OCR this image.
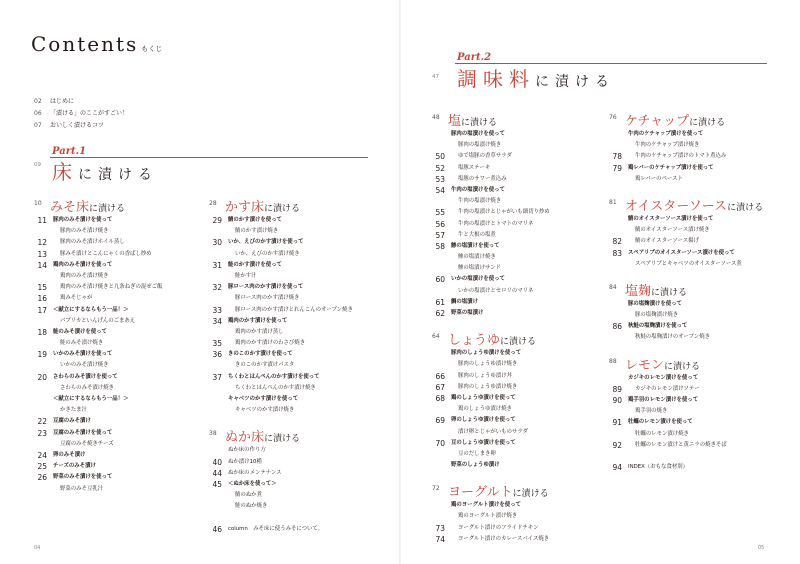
Contents もくじ
02 はじめに
06 「漬ける」のここがすごい！
07 おいしく漬けるコツ
09
Part.1
床に漬ける
47
Part.2
調味料に漬ける
10 みそ床に漬ける
11 豚肉のみそ漬けを使って
豚肉のみそ漬け焼き
12 豚肉のみそ漬けホイル蒸し
13 豚みそ漬けとこんにゃくの香ばし炒め
14 鶏肉のみそ漬けを使って
鶏肉のみそ漬け焼き
15 鶏肉のみそ漬け焼きと九条ねぎの混ぜご飯
16 鶏みそじゃが
17 ＜献立にするならもう一品！＞
パプリカといんげんのごまあえ
18 鮭のみそ漬けを使って
鮭のみそ漬け焼き
19 いかのみそ漬けを使って
いかのみそ漬け焼き
20 さわらのみそ漬けを使って
さわらのみそ漬け焼き
＜献立にするならもう一品！＞
かきたま汁
22 豆腐のみそ漬け
23 豆腐のみそ漬けを使って
豆腐のみそ焼きチーズ
24 卵のみそ漬け
25 チーズのみそ漬け
26 野菜のみそ漬けを使って
野菜のみそ豆乳汁
28 かす床に漬ける
29 鯖のかす漬けを使って
鯖のかす漬け焼き
30 いか、えびのかす漬けを使って
いか、えびのかす漬け焼き
31 鮭のかす漬けを使って
鮭かす汁
32 豚ロース肉のかす漬けを使って
豚ロース肉のかす漬け焼き
33 豚ロース肉のかす漬けとれんこんのオーブン焼き
34 鶏肉のかす漬けを使って
鶏肉のかす漬け蒸し
35 鶏肉のかす漬けのわさび焼き
36 きのこのかす漬けを使って
きのこのかす漬けパスタ
37 ちくわとはんぺんのかす漬けを使って
ちくわとはんぺんのかす漬け焼き
キャベツのかす漬けを使って
キャベツのかす漬け焼き
38 ぬか床に漬ける
ぬか床の作り方
40 ぬか漬け10種
44 ぬか床のメンテナンス
45 ＜ぬか床を使って＞
鯖のぬか煮
鮭のぬか焼き
46 column　みそ床に使うみそについて。
48 塩に漬ける
豚肉の塩漬けを使って
豚肉の塩漬け焼き
50 ゆで塩豚の香草サラダ
52 塩豚ステーキ
53 塩豚のサワー煮込み
54 牛肉の塩漬けを使って
牛肉の塩漬け焼き
55 牛肉の塩漬けとじゃがいも細切り炒め
56 牛肉の塩漬けとトマトのマリネ
57 牛と大根の塩煮
58 鯵の塩漬けを使って
鯵の塩漬け焼き
鯵の塩漬けサンド
60 いかの塩漬けを使って
いかの塩漬けとセロリのマリネ
61 鯛の塩漬け
62 野菜の塩漬け
64 しょうゆに漬ける
豚肉のしょうゆ漬けを使って
豚肉のしょうゆ漬け焼き
66 豚肉のしょうゆ漬け丼
67 豚肉のしょうゆ漬け焼き
68 鶏のしょうゆ漬けを使って
鶏のしょうゆ漬け焼き
69 卵のしょうゆ漬けを使って
漬け卵とじゃがいものサラダ
70 豆のしょうゆ漬けを使って
豆のだしまき卵
野菜のしょうゆ漬け
72 ヨーグルトに漬ける
鶏のヨーグルト漬けを使って
鶏のヨーグルト漬け焼き
73 ヨーグルト漬けのフライドチキン
74 ヨーグルト漬けのカレースパイス焼き
76 ケチャップに漬ける
牛肉のケチャップ漬けを使って
牛肉のケチャップ漬け焼き
78 牛肉のケチャップ漬けのトマト煮込み
79 鶏レバーのケチャップ漬けを使って
鶏レバーのペースト
81 オイスターソースに漬ける
鯖のオイスターソース漬けを使って
鯖のオイスターソース漬け焼き
82 鯖のオイスターソース揚げ
83 スペアリブのオイスターソース漬けを使って
スペアリブとキャベツのオイスターソース煮
84 塩麹に漬ける
豚の塩麹漬けを使って
豚の塩麹漬け焼き
86 秋鮭の塩麹漬けを使って
秋鮭の塩麹漬けのオーブン焼き
88 レモンに漬ける
カジキのレモン漬けを使って
89 カジキのレモン漬けソテー
90 鶏手羽のレモン漬けを使って
鶏手羽の焼き
91 牡蠣のレモン漬けを使って
牡蠣のレモン漬け焼き
92 牡蠣のレモン漬けと黄ニラの焼きそば
94 INDEX（おもな食材別）
04	05
